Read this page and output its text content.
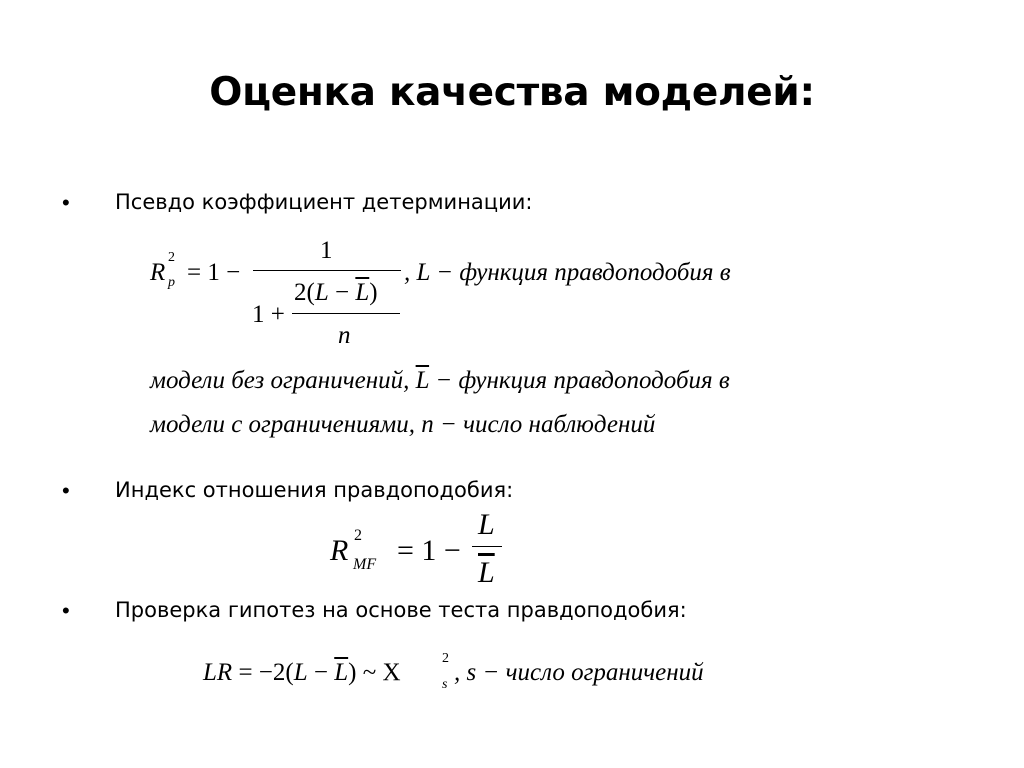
Оценка качества моделей:
• Псевдо коэффициент детерминации:
R
2
p = 1 −
1
1 +
$2(L - \overline{L})$
n
, L − функция правдоподобия в
модели без ограничений, $\overline{L}$ − функция правдоподобия в
модели с ограничениями, n − число наблюдений
• Индекс отношения правдоподобия:
R 2
MF = 1 −
L
$\overline{L}$
• Проверка гипотез на основе теста правдоподобия:
LR = $-2(L - \overline{L})$ ~ Χ
2
s , s − число ограничений
